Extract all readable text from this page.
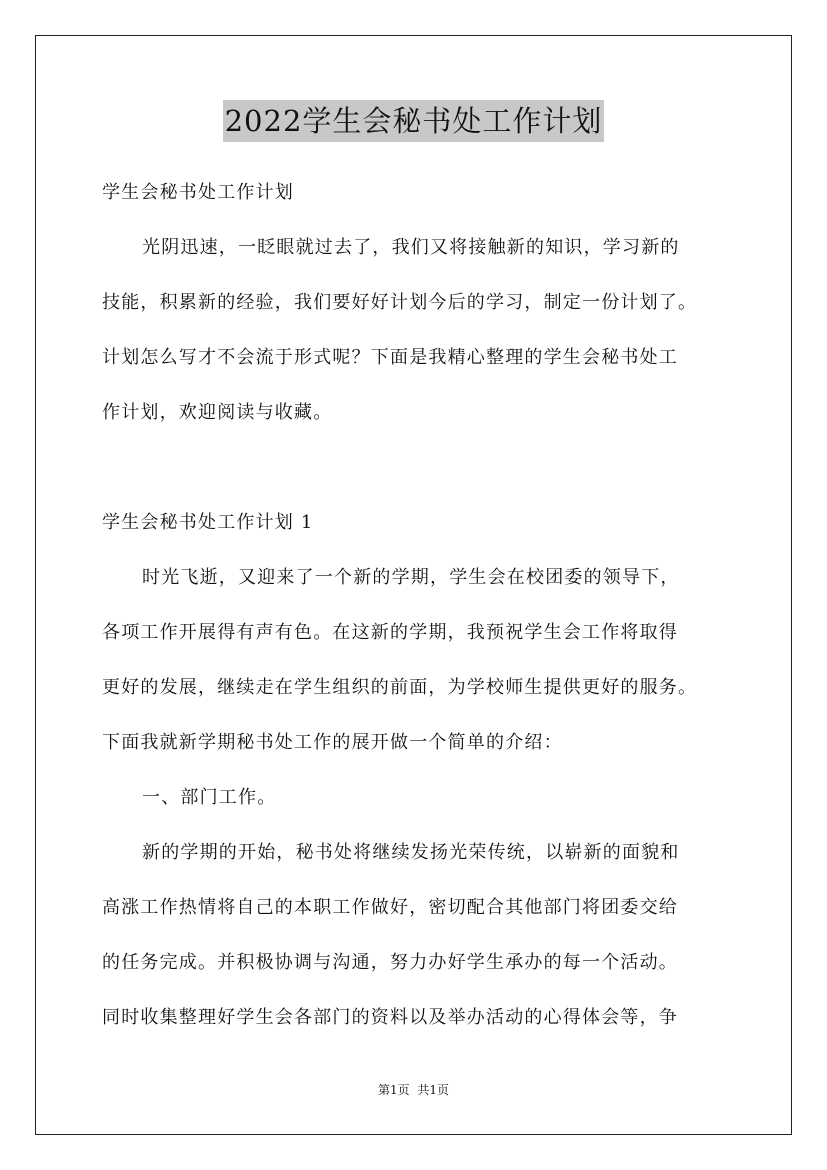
2022学生会秘书处工作计划
学生会秘书处工作计划
光阴迅速，一眨眼就过去了，我们又将接触新的知识，学习新的
技能，积累新的经验，我们要好好计划今后的学习，制定一份计划了。
计划怎么写才不会流于形式呢？下面是我精心整理的学生会秘书处工
作计划，欢迎阅读与收藏。
学生会秘书处工作计划 1
时光飞逝，又迎来了一个新的学期，学生会在校团委的领导下，
各项工作开展得有声有色。在这新的学期，我预祝学生会工作将取得
更好的发展，继续走在学生组织的前面，为学校师生提供更好的服务。
下面我就新学期秘书处工作的展开做一个简单的介绍：
一、部门工作。
新的学期的开始，秘书处将继续发扬光荣传统，以崭新的面貌和
高涨工作热情将自己的本职工作做好，密切配合其他部门将团委交给
的任务完成。并积极协调与沟通，努力办好学生承办的每一个活动。
同时收集整理好学生会各部门的资料以及举办活动的心得体会等，争
第1页 共1页
